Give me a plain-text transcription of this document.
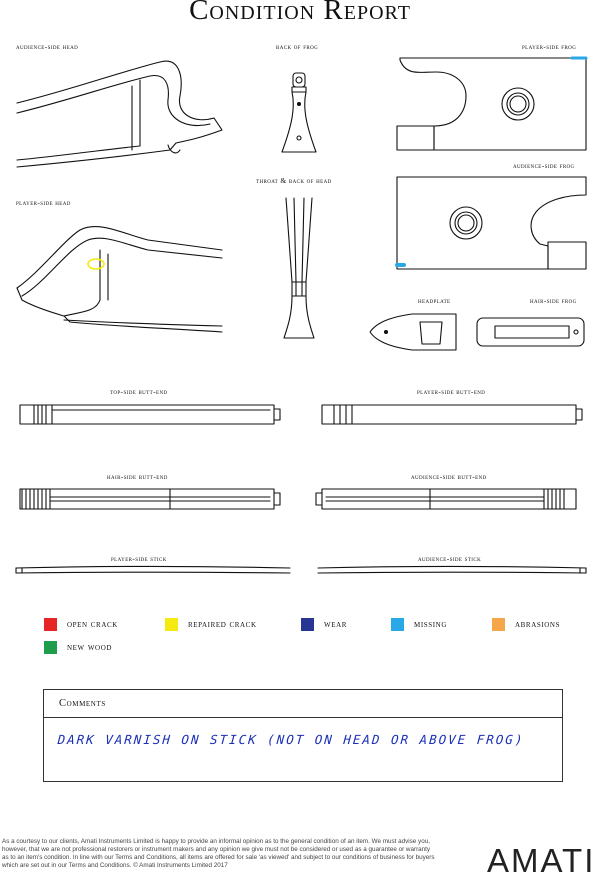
Condition Report
audience-side head	back of frog	player-side frog
audience-side frog
throat & back of head
player-side head
headplate	hair-side frog
top-side butt-end	player-side butt-end
hair-side butt-end	audience-side butt-end
player-side stick	audience-side stick
open crack	repaired crack	wear	missing	abrasions
new wood
Comments
DARK VARNISH ON STICK (NOT ON HEAD OR ABOVE FROG)

As a courtesy to our clients, Amati Instruments Limited is happy to provide an informal opinion as to the general condition of an item. We must advise you, however, that we are not professional restorers or instrument makers and any opinion we give must not be considered or used as a guarantee or warranty as to an item's condition. In line with our Terms and Conditions, all items are offered for sale 'as viewed' and subject to our conditions of business for buyers which are set out in our Terms and Conditions. © Amati Instruments Limited 2017	AMATI
